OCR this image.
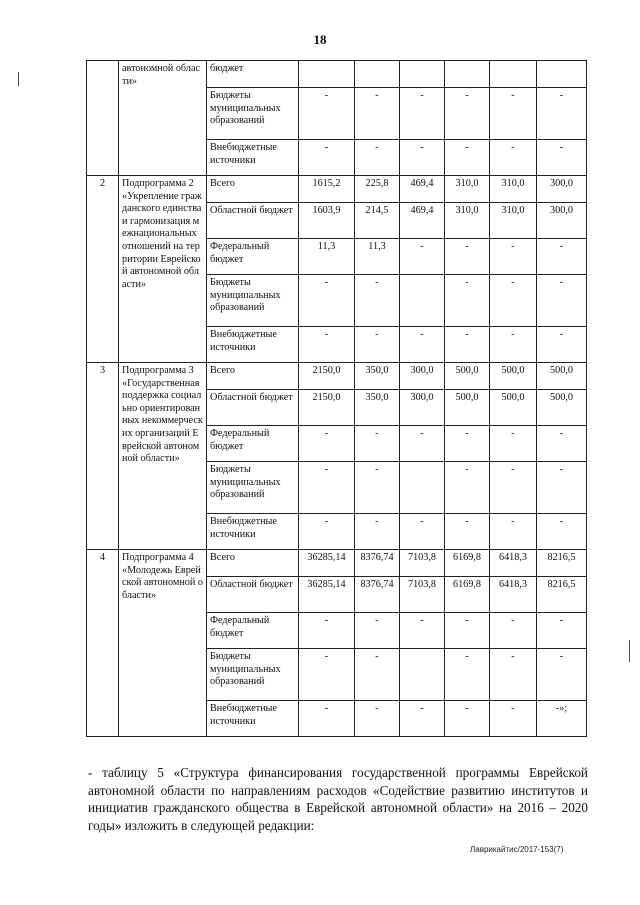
18
	автономной области»	бюджет						
		Бюджеты муниципальных образований	-	-	-	-	-	-
		Внебюджетные источники	-	-	-	-	-	-
2	Подпрограмма 2 «Укрепление гражданского единства и гармонизация межнациональных отношений на территории Еврейской автономной области»	Всего	1615,2	225,8	469,4	310,0	310,0	300,0
		Областной бюджет	1603,9	214,5	469,4	310,0	310,0	300,0
		Федеральный бюджет	11,3	11,3	-	-	-	-
		Бюджеты муниципальных образований	-	-		-	-	-
		Внебюджетные источники	-	-	-	-	-	-
3	Подпрограмма 3 «Государственная поддержка социально ориентированных некоммерческих организаций Еврейской автономной области»	Всего	2150,0	350,0	300,0	500,0	500,0	500,0
		Областной бюджет	2150,0	350,0	300,0	500,0	500,0	500,0
		Федеральный бюджет	-	-	-	-	-	-
		Бюджеты муниципальных образований	-	-		-	-	-
		Внебюджетные источники	-	-	-	-	-	-
4	Подпрограмма 4 «Молодежь Еврейской автономной области»	Всего	36285,14	8376,74	7103,8	6169,8	6418,3	8216,5
		Областной бюджет	36285,14	8376,74	7103,8	6169,8	6418,3	8216,5
		Федеральный бюджет	-	-	-	-	-	-
		Бюджеты муниципальных образований	-	-		-	-	-
		Внебюджетные источники	-	-	-	-	-	-»;
- таблицу 5 «Структура финансирования государственной программы Еврейской автономной области по направлениям расходов «Содействие развитию институтов и инициатив гражданского общества в Еврейской автономной области» на 2016 – 2020 годы» изложить в следующей редакции:
Лаврикайтис/2017-153(7)
